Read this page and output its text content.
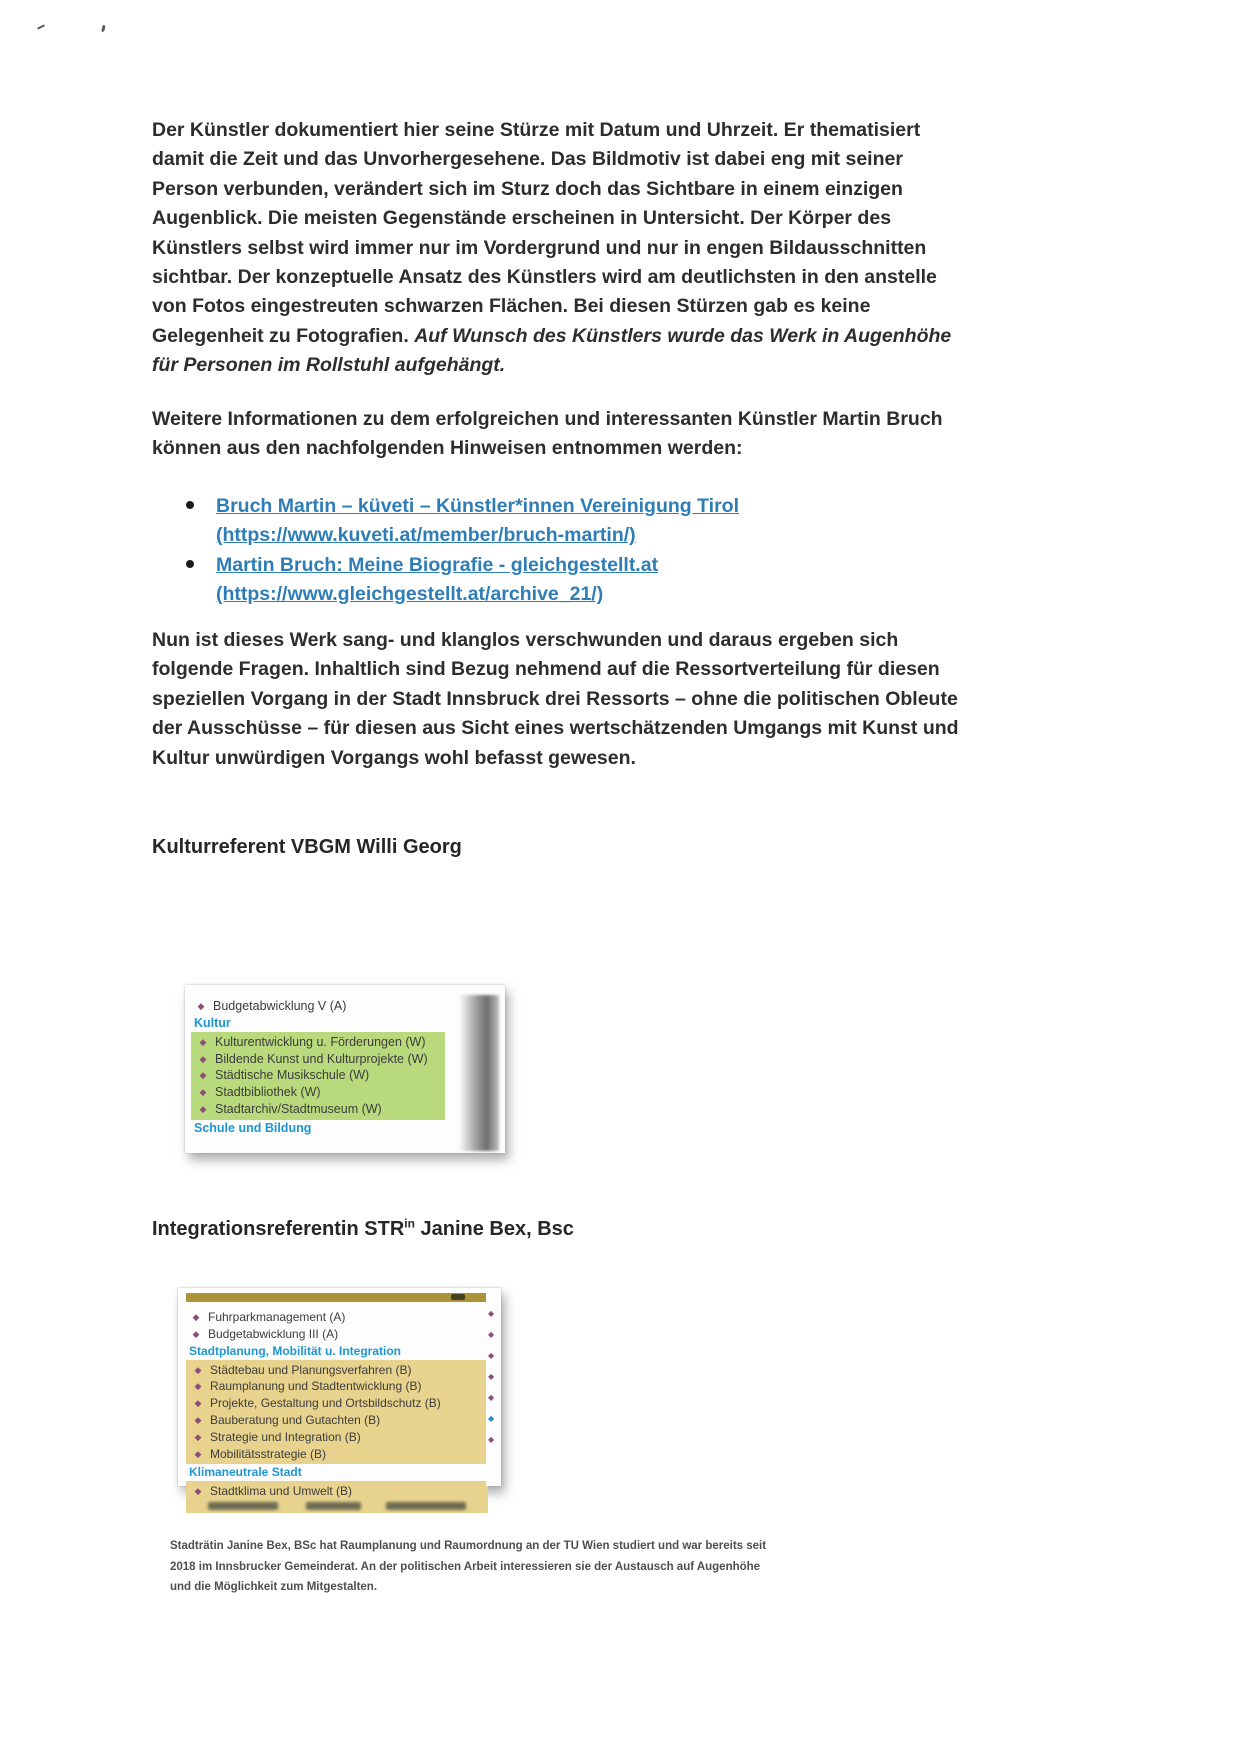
Der Künstler dokumentiert hier seine Stürze mit Datum und Uhrzeit. Er thematisiert damit die Zeit und das Unvorhergesehene. Das Bildmotiv ist dabei eng mit seiner Person verbunden, verändert sich im Sturz doch das Sichtbare in einem einzigen Augenblick. Die meisten Gegenstände erscheinen in Untersicht. Der Körper des Künstlers selbst wird immer nur im Vordergrund und nur in engen Bildausschnitten sichtbar. Der konzeptuelle Ansatz des Künstlers wird am deutlichsten in den anstelle von Fotos eingestreuten schwarzen Flächen. Bei diesen Stürzen gab es keine Gelegenheit zu Fotografien. Auf Wunsch des Künstlers wurde das Werk in Augenhöhe für Personen im Rollstuhl aufgehängt.
Weitere Informationen zu dem erfolgreichen und interessanten Künstler Martin Bruch können aus den nachfolgenden Hinweisen entnommen werden:
Bruch Martin – küveti – Künstler*innen Vereinigung Tirol
(https://www.kuveti.at/member/bruch-martin/)
Martin Bruch: Meine Biografie - gleichgestellt.at
(https://www.gleichgestellt.at/archive_21/)
Nun ist dieses Werk sang- und klanglos verschwunden und daraus ergeben sich folgende Fragen. Inhaltlich sind Bezug nehmend auf die Ressortverteilung für diesen speziellen Vorgang in der Stadt Innsbruck drei Ressorts – ohne die politischen Obleute der Ausschüsse – für diesen aus Sicht eines wertschätzenden Umgangs mit Kunst und Kultur unwürdigen Vorgangs wohl befasst gewesen.
Kulturreferent VBGM Willi Georg
◆ Budgetabwicklung V (A)
Kultur
◆ Kulturentwicklung u. Förderungen (W)
◆ Bildende Kunst und Kulturprojekte (W)
◆ Städtische Musikschule (W)
◆ Stadtbibliothek (W)
◆ Stadtarchiv/Stadtmuseum (W)
Schule und Bildung
Integrationsreferentin $STR^{in}$ Janine Bex, Bsc
◆ Fuhrparkmanagement (A)
◆ Budgetabwicklung III (A)
Stadtplanung, Mobilität u. Integration
◆ Städtebau und Planungsverfahren (B)
◆ Raumplanung und Stadtentwicklung (B)
◆ Projekte, Gestaltung und Ortsbildschutz (B)
◆ Bauberatung und Gutachten (B)
◆ Strategie und Integration (B)
◆ Mobilitätsstrategie (B)
Klimaneutrale Stadt
◆ Stadtklima und Umwelt (B)
◆
◆
◆
◆
◆
◆
◆
Stadträtin Janine Bex, BSc hat Raumplanung und Raumordnung an der TU Wien studiert und war bereits seit
2018 im Innsbrucker Gemeinderat. An der politischen Arbeit interessieren sie der Austausch auf Augenhöhe
und die Möglichkeit zum Mitgestalten.
